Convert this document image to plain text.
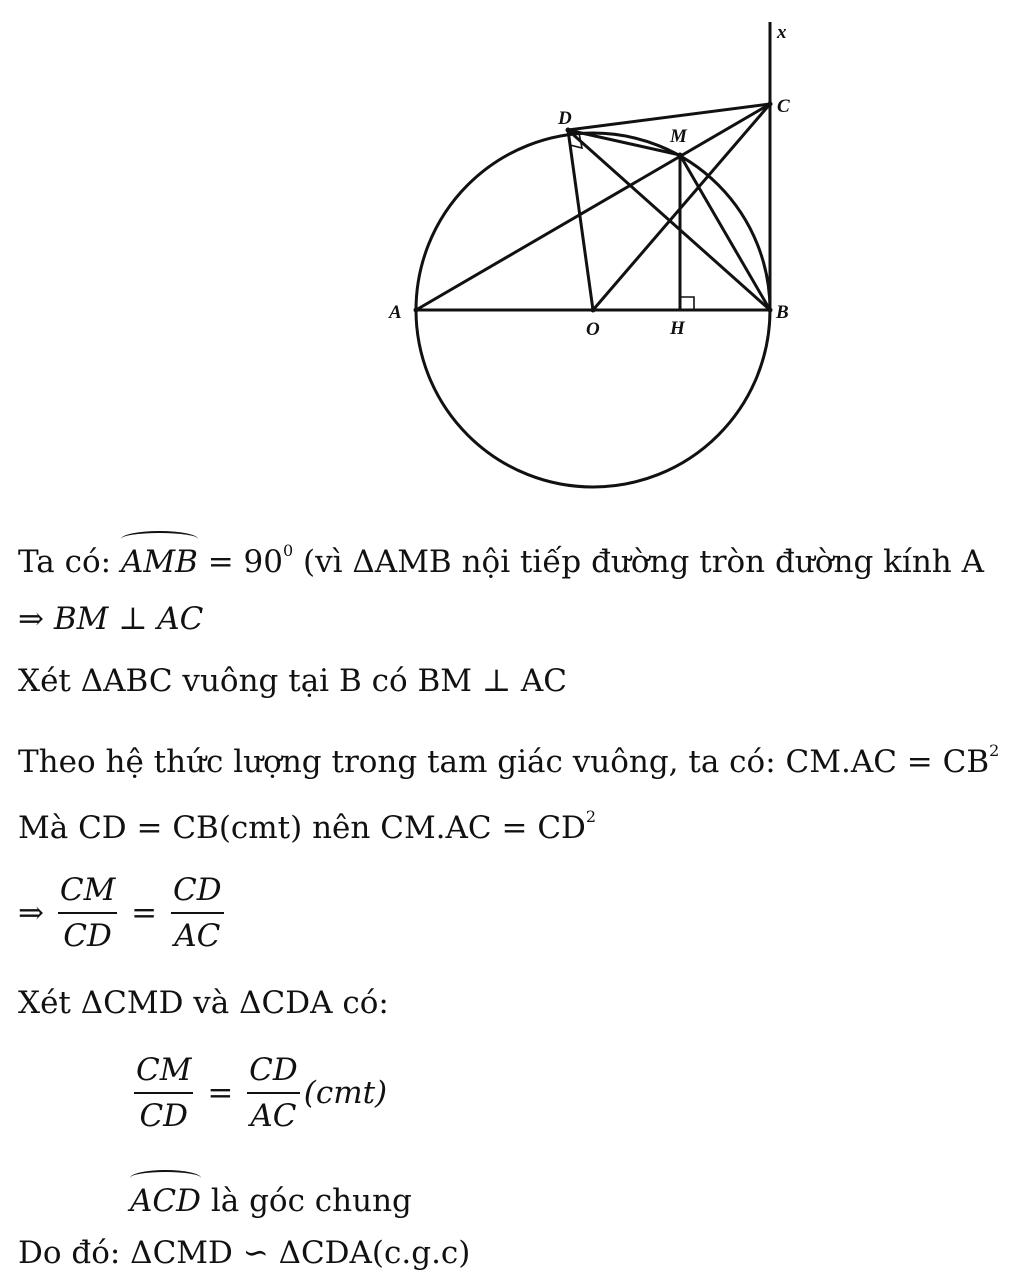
A	B
C
D
M
O	H
x
Ta có: AMB = $90^0$ (vì ΔAMB nội tiếp đường tròn đường kính A
⇒ BM ⊥ AC
Xét ΔABC vuông tại B có BM ⊥ AC
Theo hệ thức lượng trong tam giác vuông, ta có: $CM.AC = CB^2$
Mà CD = CB(cmt) nên $CM.AC = CD^2$
⇒ $\frac{CM}{CD} = \frac{CD}{AC}$
Xét ΔCMD và ΔCDA có:
$\frac{CM}{CD} = \frac{CD}{AC} (cmt)$
ACD là góc chung
Do đó: ΔCMD ∽ ΔCDA(c.g.c)
